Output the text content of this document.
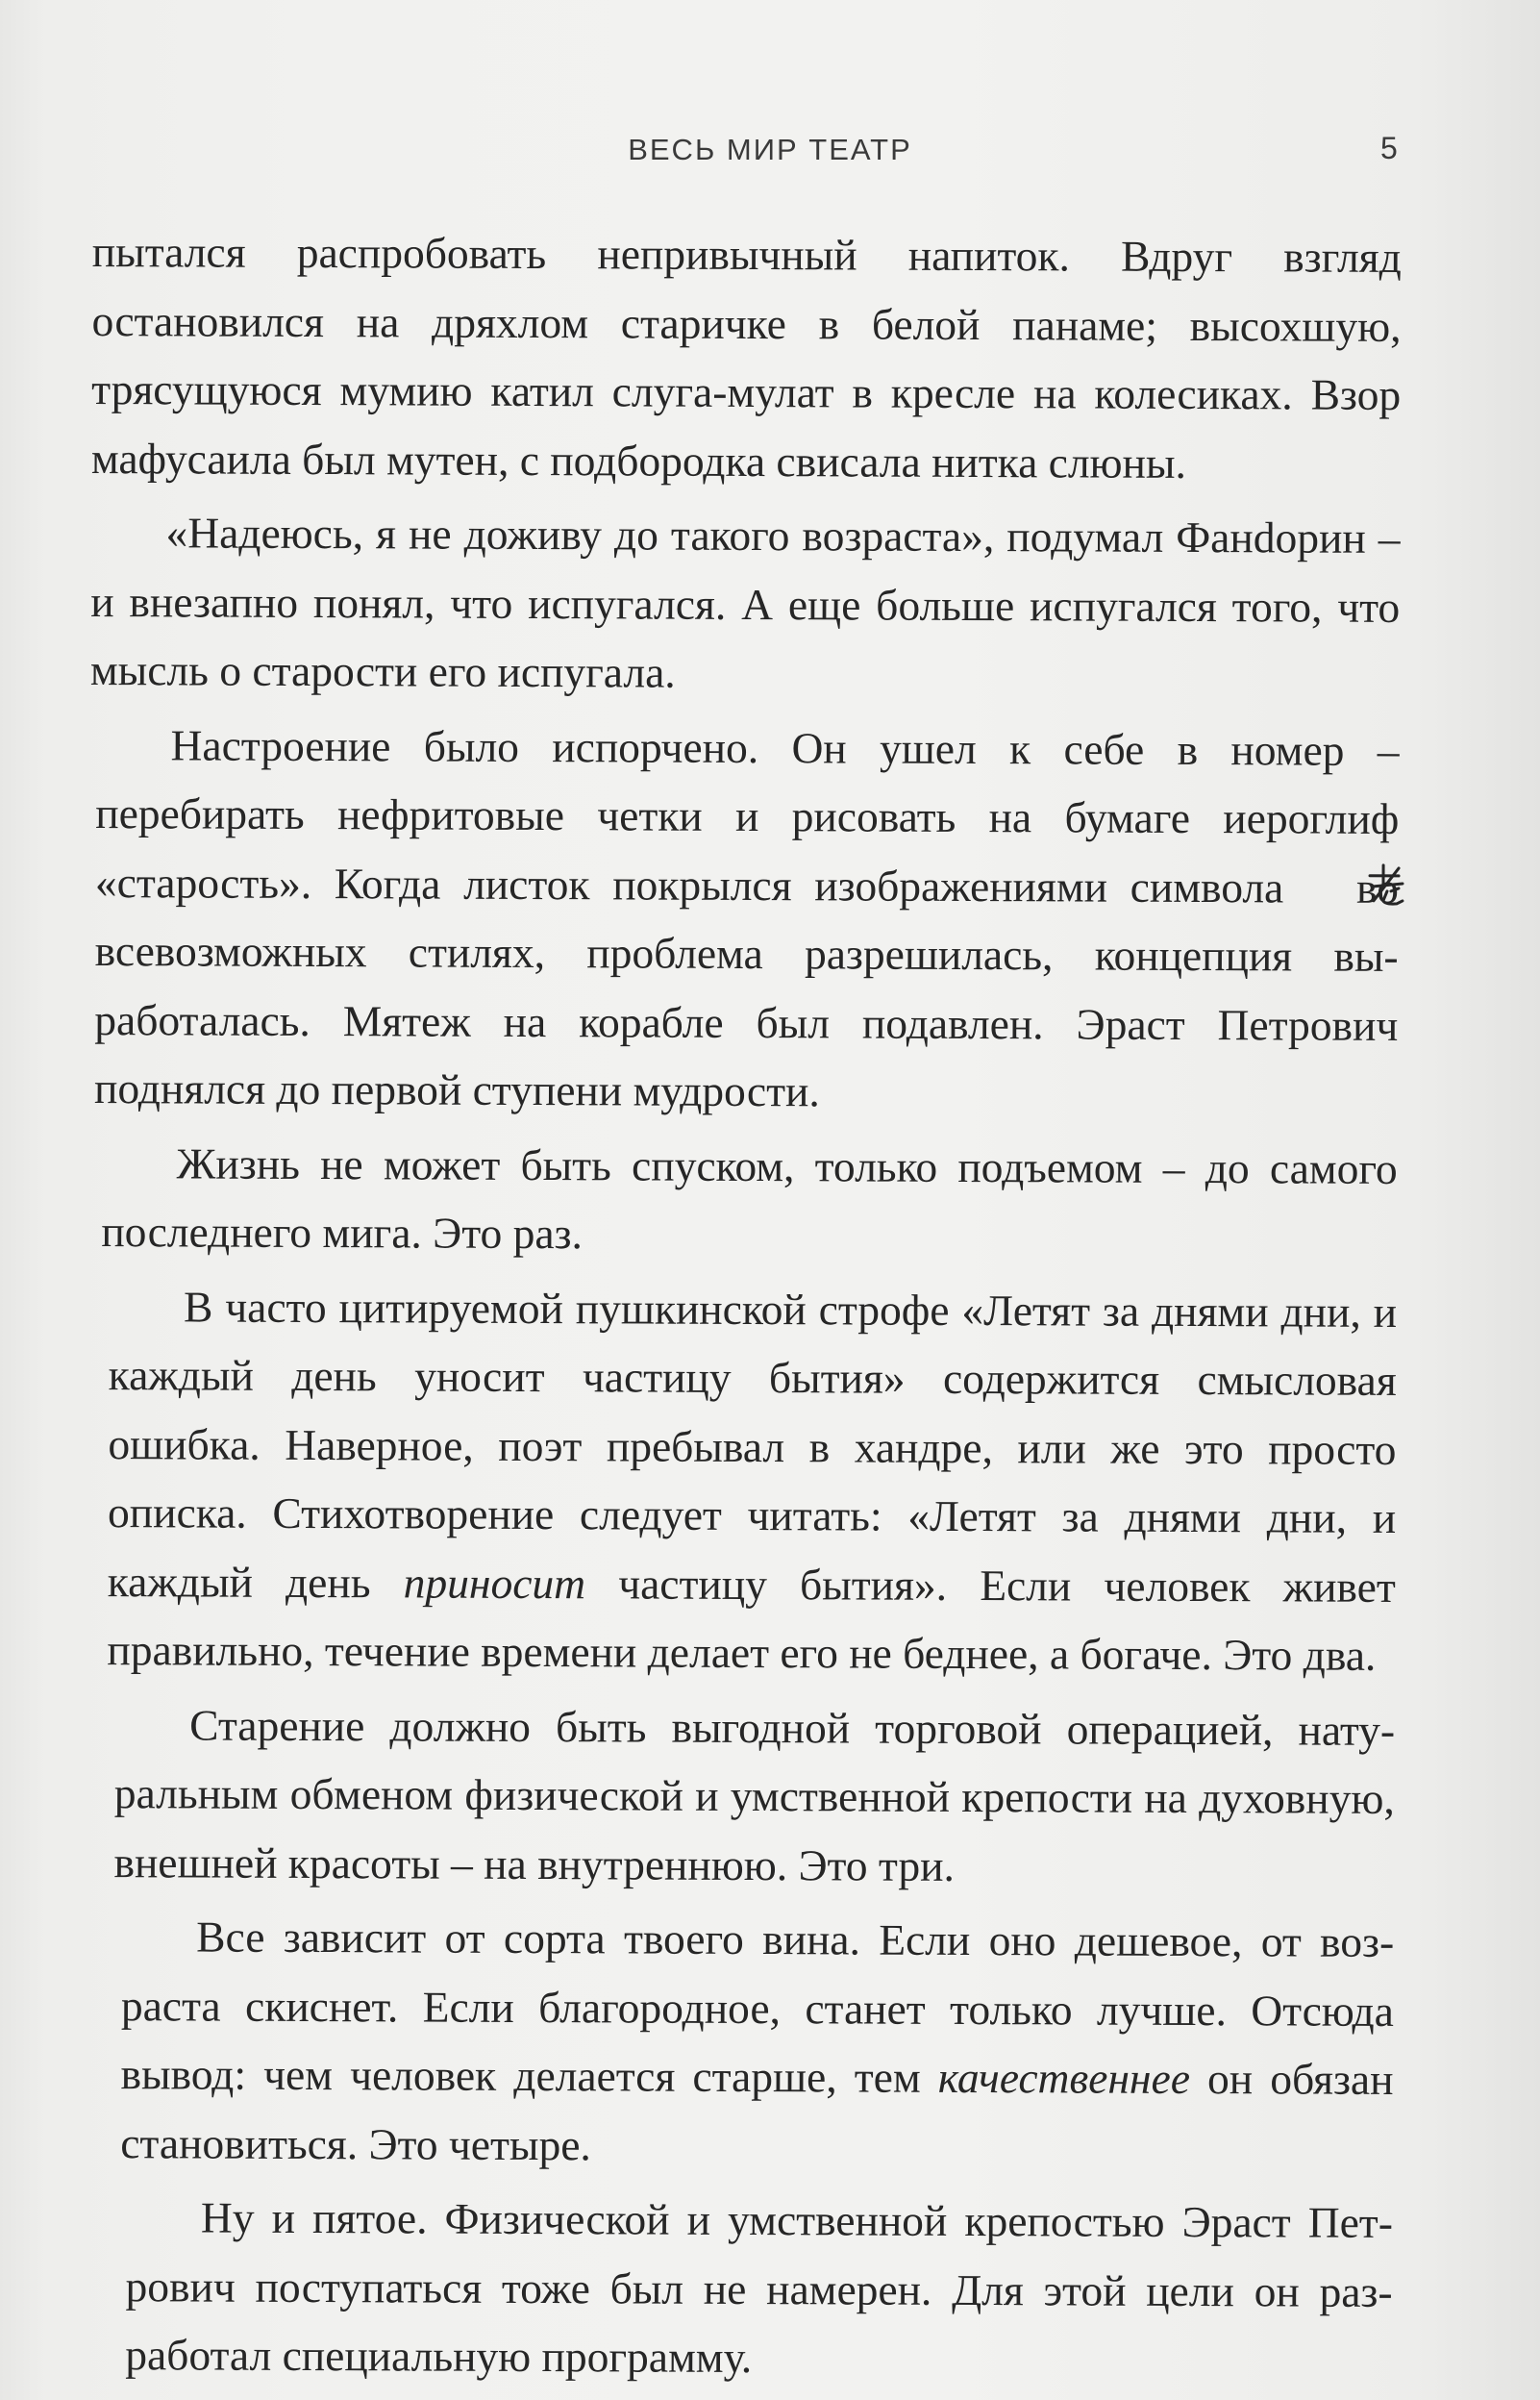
ВЕСЬ МИР ТЕАТР	5

пытался распробовать непривычный напиток. Вдруг взгляд остановился на дряхлом старичке в белой панаме; высохшую, трясущуюся мумию катил слуга-мулат в кресле на колесиках. Взор мафусаила был мутен, с подбородка свисала нитка слюны.

«Надеюсь, я не доживу до такого возраста», подумал Фанdорин – и внезапно понял, что испугался. А еще больше испугался того, что мысль о старости его испугала.

Настроение было испорчено. Он ушел к себе в номер – перебирать нефритовые четки и рисовать на бумаге иероглиф «старость». Когда листок покрылся изображениями символа во всевозможных стилях, проблема разрешилась, концепция выработалась. Мятеж на корабле был подавлен. Эраст Петрович поднялся до первой ступени мудрости.

Жизнь не может быть спуском, только подъемом – до самого последнего мига. Это раз.

В часто цитируемой пушкинской строфе «Летят за днями дни, и каждый день уносит частицу бытия» содержится смысловая ошибка. Наверное, поэт пребывал в хандре, или же это просто описка. Стихотворение следует читать: «Летят за днями дни, и каждый день приносит частицу бытия». Если человек живет правильно, течение времени делает его не беднее, а богаче. Это два.

Старение должно быть выгодной торговой операцией, натуральным обменом физической и умственной крепости на духовную, внешней красоты – на внутреннюю. Это три.

Все зависит от сорта твоего вина. Если оно дешевое, от возраста скиснет. Если благородное, станет только лучше. Отсюда вывод: чем человек делается старше, тем качественнее он обязан становиться. Это четыре.

Ну и пятое. Физической и умственной крепостью Эраст Петрович поступаться тоже был не намерен. Для этой цели он разработал специальную программу.
